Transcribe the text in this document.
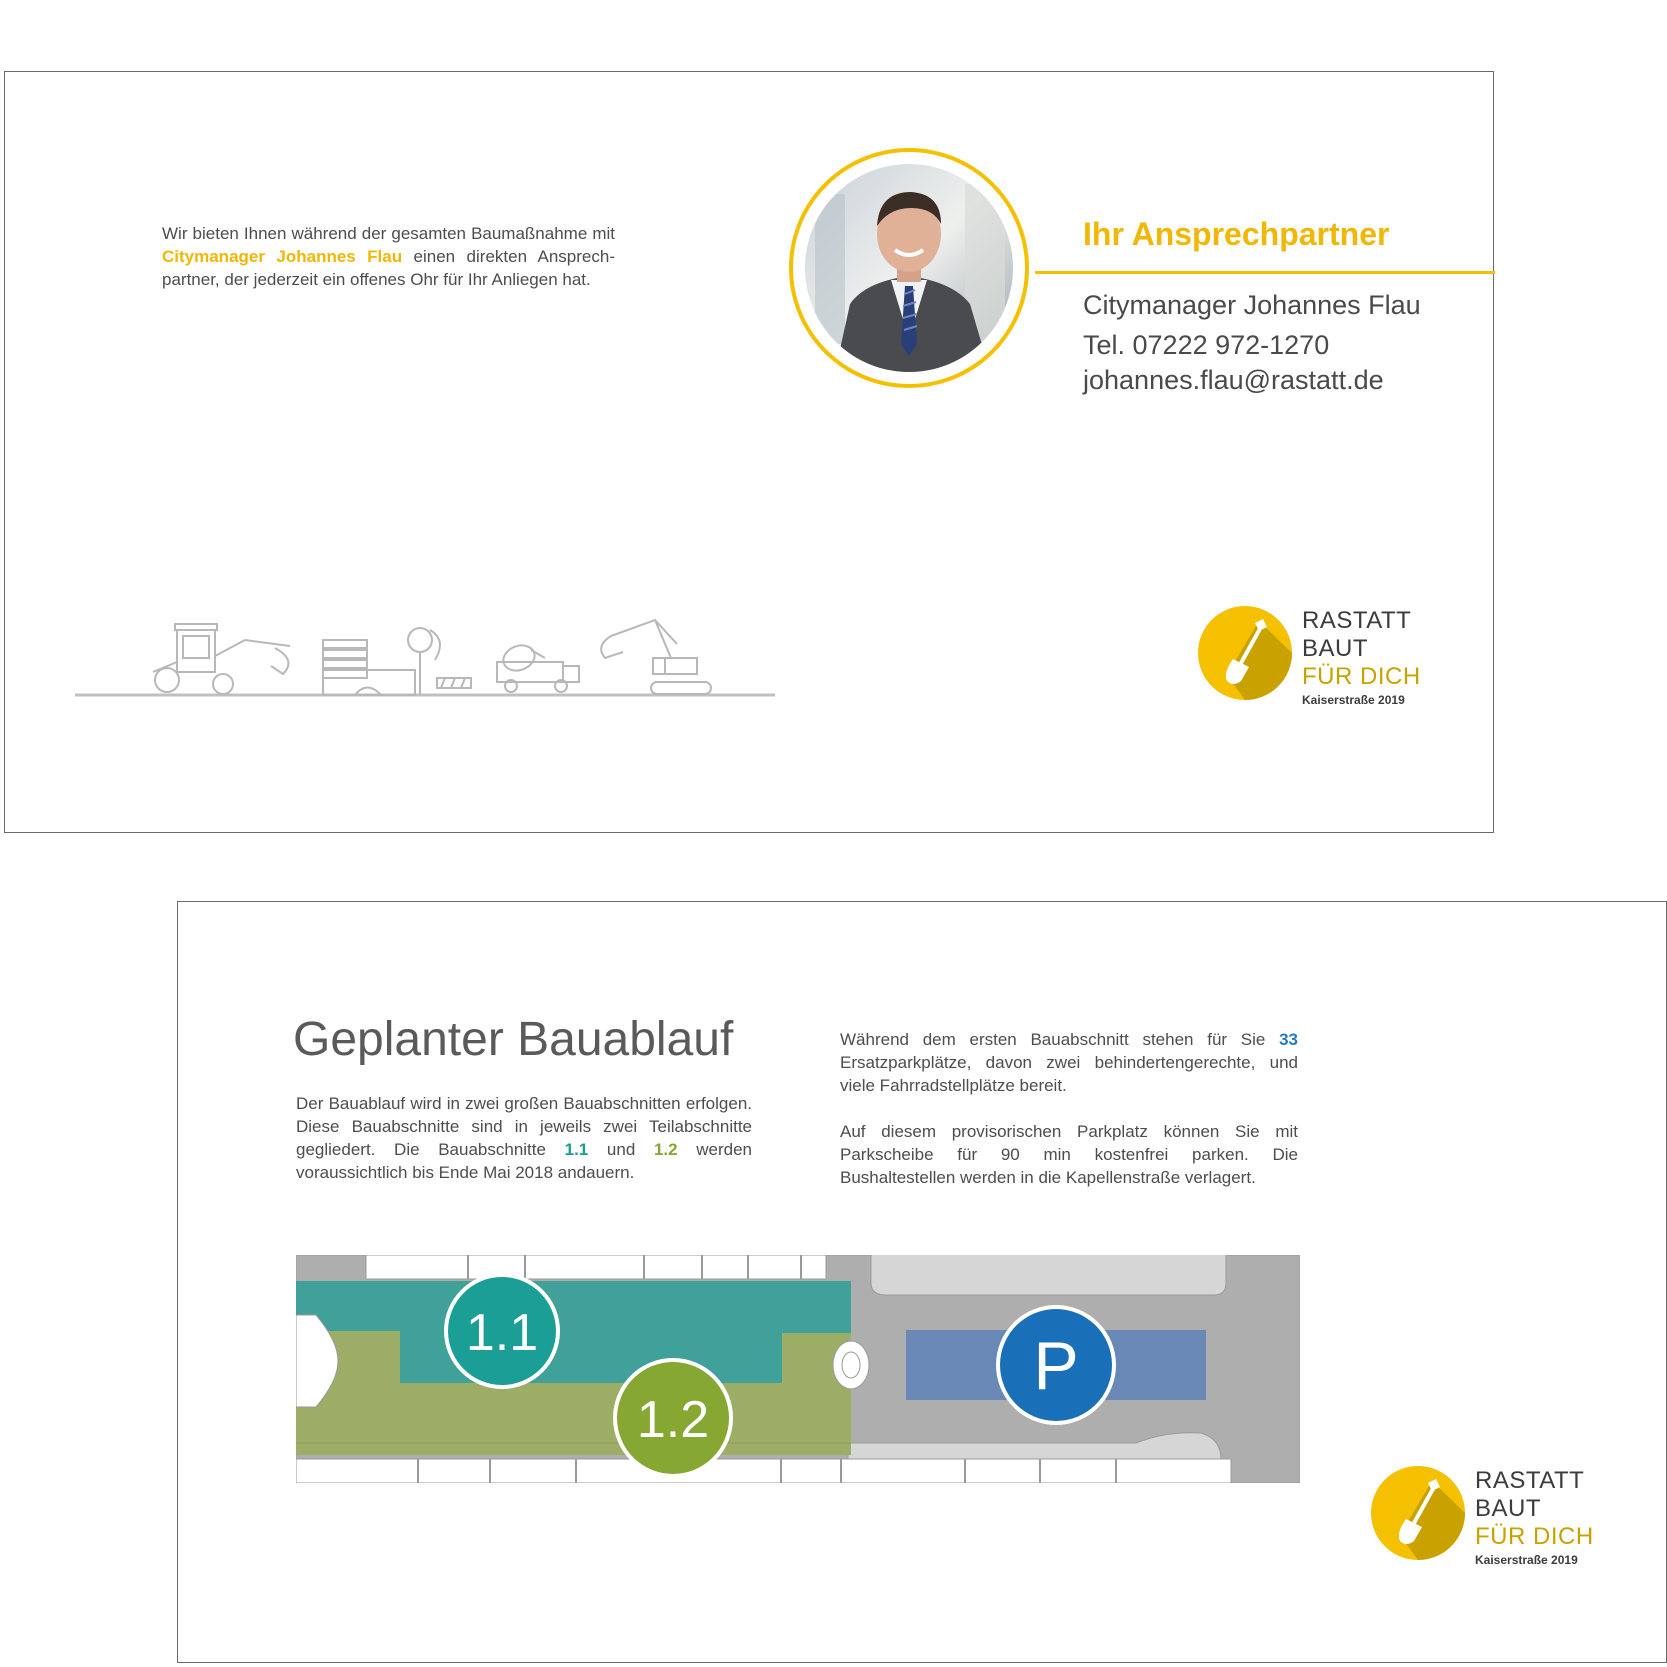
Wir bieten Ihnen während der gesamten Baumaßnahme mit Citymanager Johannes Flau einen direkten Ansprech-partner, der jederzeit ein offenes Ohr für Ihr Anliegen hat.
Ihr Ansprechpartner
Citymanager Johannes Flau
Tel. 07222 972-1270
johannes.flau@rastatt.de
RASTATT
BAUT
FÜR DICH
Kaiserstraße 2019
Geplanter Bauablauf
Der Bauablauf wird in zwei großen Bauabschnitten erfolgen. Diese Bauabschnitte sind in jeweils zwei Teilabschnitte gegliedert. Die Bauabschnitte 1.1 und 1.2 werden voraussichtlich bis Ende Mai 2018 andauern.
Während dem ersten Bauabschnitt stehen für Sie 33 Ersatzparkplätze, davon zwei behindertengerechte, und viele Fahrradstellplätze bereit.
Auf diesem provisorischen Parkplatz können Sie mit Parkscheibe für 90 min kostenfrei parken. Die Bushaltestellen werden in die Kapellenstraße verlagert.
1.1
1.2
P
RASTATT
BAUT
FÜR DICH
Kaiserstraße 2019
